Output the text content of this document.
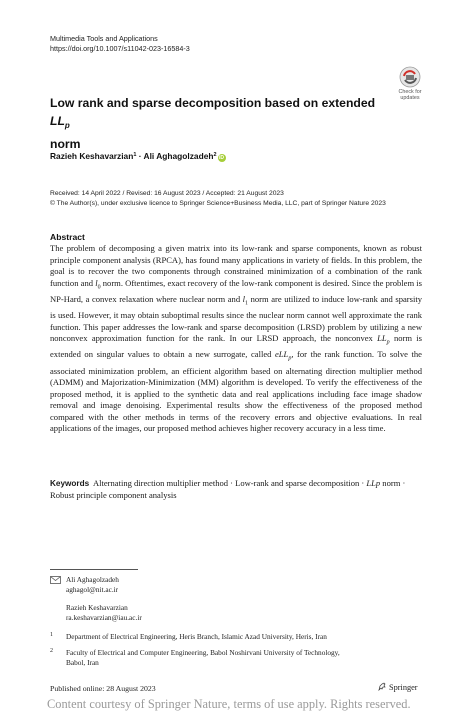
Multimedia Tools and Applications
https://doi.org/10.1007/s11042-023-16584-3
Check for
updates
Low rank and sparse decomposition based on extended $LL_p$
norm
Razieh Keshavarzian$^1$ · Ali Aghagolzadeh$^2$ iD
Received: 14 April 2022 / Revised: 16 August 2023 / Accepted: 21 August 2023
© The Author(s), under exclusive licence to Springer Science+Business Media, LLC, part of Springer Nature 2023
Abstract
The problem of decomposing a given matrix into its low-rank and sparse components, known as robust principle component analysis (RPCA), has found many applications in variety of fields. In this problem, the goal is to recover the two components through constrained minimization of a combination of the rank function and $l_0$ norm. Oftentimes, exact recovery of the low-rank component is desired. Since the problem is NP-Hard, a convex relaxation where nuclear norm and $l_1$ norm are utilized to induce low-rank and sparsity is used. However, it may obtain suboptimal results since the nuclear norm cannot well approximate the rank function. This paper addresses the low-rank and sparse decomposition (LRSD) problem by utilizing a new nonconvex approximation function for the rank. In our LRSD approach, the nonconvex $LL_p$ norm is extended on singular values to obtain a new surrogate, called eLL$_p$, for the rank function. To solve the associated minimization problem, an efficient algorithm based on alternating direction multiplier method (ADMM) and Majorization-Minimization (MM) algorithm is developed. To verify the effectiveness of the proposed method, it is applied to the synthetic data and real applications including face image shadow removal and image denoising. Experimental results show the effectiveness of the proposed method compared with the other methods in terms of the recovery errors and objective evaluations. In real applications of the images, our proposed method achieves higher recovery accuracy in a less time.
Keywords Alternating direction multiplier method · Low-rank and sparse decomposition · LLp norm · Robust principle component analysis
Ali Aghagolzadeh
aghagol@nit.ac.ir
Razieh Keshavarzian
ra.keshavarzian@iau.ac.ir
1 Department of Electrical Engineering, Heris Branch, Islamic Azad University, Heris, Iran
2 Faculty of Electrical and Computer Engineering, Babol Noshirvani University of Technology,
Babol, Iran
Published online: 28 August 2023	Springer
Content courtesy of Springer Nature, terms of use apply. Rights reserved.
